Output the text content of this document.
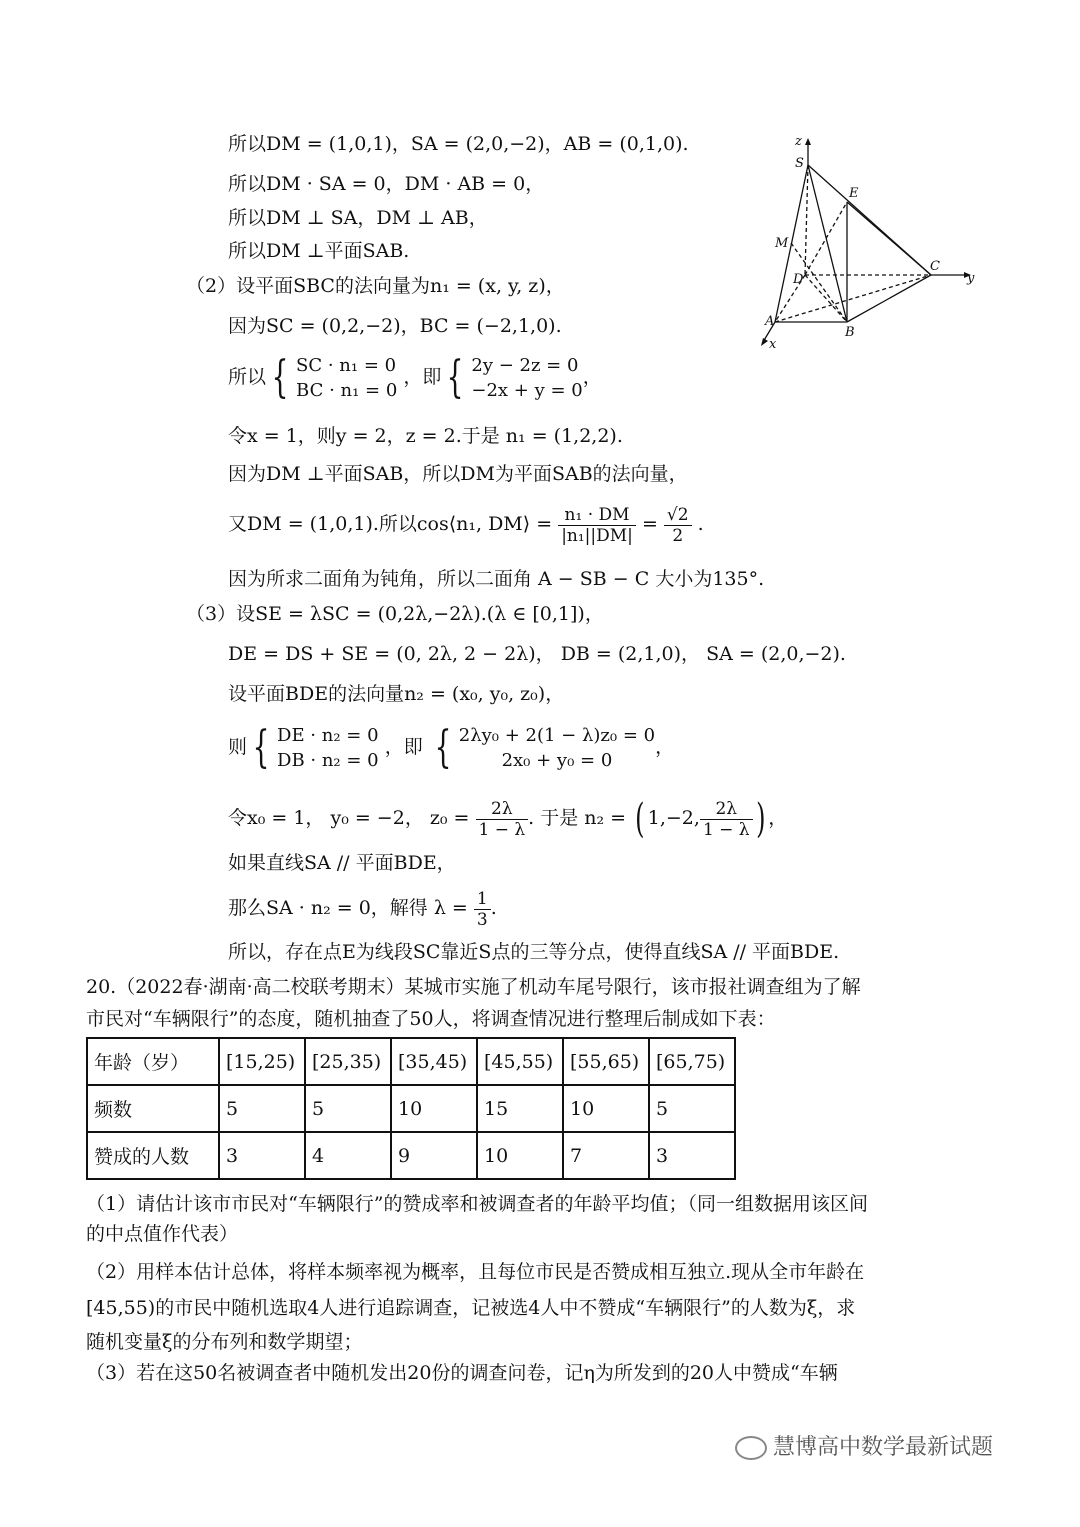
所以DM = (1,0,1)，SA = (2,0,−2)，AB = (0,1,0).
所以DM · SA = 0，DM · AB = 0，
所以DM ⊥ SA，DM ⊥ AB，
所以DM ⊥平面SAB.
（2）设平面SBC的法向量为n₁ = (x, y, z)，
因为SC = (0,2,−2)，BC = (−2,1,0).
所以 { SC · n₁ = 0
BC · n₁ = 0
，即 { 2y − 2z = 0
−2x + y = 0
，
令x = 1，则y = 2，z = 2.于是 n₁ = (1,2,2).
因为DM ⊥平面SAB，所以DM为平面SAB的法向量，
又DM = (1,0,1).所以cos⟨n₁, DM⟩ = $\frac{\text{n₁ · DM}}{\text{|n₁||DM|}} = \frac{√2}{2}$ .
因为所求二面角为钝角，所以二面角 A − SB − C 大小为135°.
（3）设SE = λSC = (0,2λ,−2λ).(λ ∈ [0,1])，
DE = DS + SE = (0, 2λ, 2 − 2λ)， DB = (2,1,0)， SA = (2,0,−2).
设平面BDE的法向量n₂ = (x₀, y₀, z₀)，
则 { DE · n₂ = 0
DB · n₂ = 0
，即 { 2λy₀ + 2(1 − λ)z₀ = 0
2x₀ + y₀ = 0
，
令x₀ = 1， y₀ = −2， $z_0 = \frac{2\lambda}{1 - \lambda}$ . 于是 n₂ = ( 1,−2, $\frac{2\lambda}{1 - \lambda}$ ) ，
如果直线SA // 平面BDE，
那么SA · n₂ = 0，解得 $\lambda = \frac{1}{3}$ .
所以，存在点E为线段SC靠近S点的三等分点，使得直线SA // 平面BDE.
20.（2022春·湖南·高二校联考期末）某城市实施了机动车尾号限行，该市报社调查组为了解
市民对“车辆限行”的态度，随机抽查了50人，将调查情况进行整理后制成如下表：
年龄（岁）	[15,25)	[25,35)	[35,45)	[45,55)	[55,65)	[65,75)
频数	5	5	10	15	10	5
赞成的人数	3	4	9	10	7	3
（1）请估计该市市民对“车辆限行”的赞成率和被调查者的年龄平均值；（同一组数据用该区间
的中点值作代表）
（2）用样本估计总体，将样本频率视为概率，且每位市民是否赞成相互独立.现从全市年龄在
[45,55)的市民中随机选取4人进行追踪调查，记被选4人中不赞成“车辆限行”的人数为ξ，求
随机变量ξ的分布列和数学期望；
（3）若在这50名被调查者中随机发出20份的调查问卷，记η为所发到的20人中赞成“车辆
z
S
E
M
D
C
y
A
B
x
慧博高中数学最新试题
